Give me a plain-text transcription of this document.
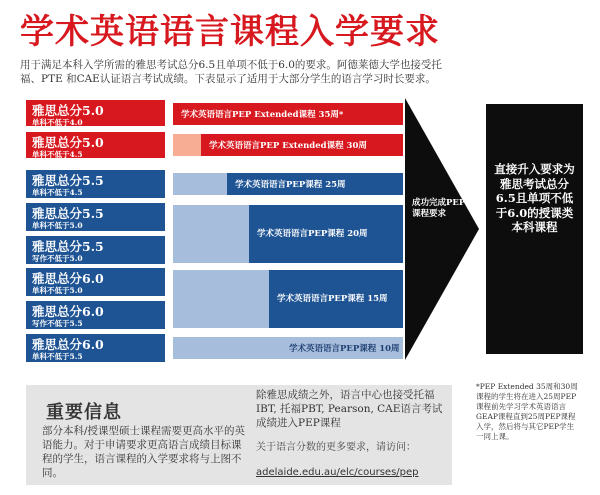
学术英语语言课程入学要求
用于满足本科入学所需的雅思考试总分6.5且单项不低于6.0的要求。阿德莱德大学也接受托福、PTE 和CAE认证语言考试成绩。下表显示了适用于大部分学生的语言学习时长要求。
雅思总分5.0
单科不低于4.0
雅思总分5.0
单科不低于4.5
雅思总分5.5
单科不低于4.5
雅思总分5.5
单科不低于5.0
雅思总分5.5
写作不低于5.0
雅思总分6.0
单科不低于5.0
雅思总分6.0
写作不低于5.5
雅思总分6.0
单科不低于5.5
学术英语语言PEP Extended课程 35周*
学术英语语言PEP Extended课程 30周
学术英语语言PEP课程 25周
学术英语语言PEP课程 20周
学术英语语言PEP课程 15周
学术英语语言PEP课程 10周
成功完成PEP课程要求
直接升入要求为雅思考试总分6.5且单项不低于6.0的授课类本科课程
重要信息
部分本科/授课型硕士课程需要更高水平的英语能力。对于申请要求更高语言成绩目标课程的学生，语言课程的入学要求将与上图不同。
除雅思成绩之外，语言中心也接受托福IBT, 托福PBT, Pearson, CAE语言考试成绩进入PEP课程
关于语言分数的更多要求，请访问：
adelaide.edu.au/elc/courses/pep
*PEP Extended 35周和30周课程的学生将在进入25周PEP课程前先学习学术英语语言GEAP课程直到25周PEP课程入学，然后将与其它PEP学生一同上课。
